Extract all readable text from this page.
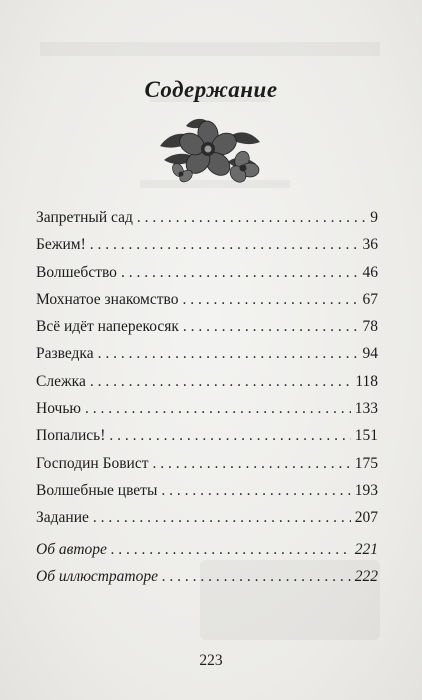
Содержание
Запретный сад . . .	9
Бежим! . . .	36
Волшебство . . .	46
Мохнатое знакомство . . .	67
Всё идёт наперекосяк . . .	78
Разведка . . .	94
Слежка . . .	118
Ночью . . .	133
Попались! . . .	151
Господин Бовист . . .	175
Волшебные цветы . . .	193
Задание . . .	207
Об авторе . . .	221
Об иллюстраторе . . .	222
223
